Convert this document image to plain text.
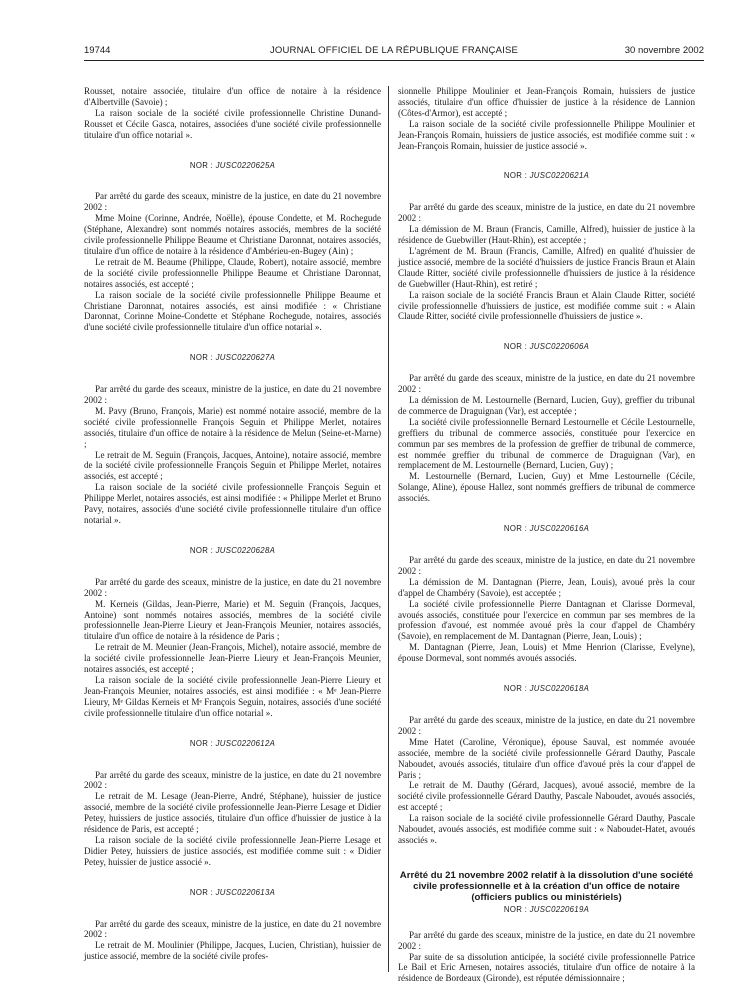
19744	JOURNAL OFFICIEL DE LA RÉPUBLIQUE FRANÇAISE	30 novembre 2002

Rousset, notaire associée, titulaire d'un office de notaire à la résidence d'Albertville (Savoie) ;

La raison sociale de la société civile professionnelle Christine Dunand-Rousset et Cécile Gasca, notaires, associées d'une société civile professionnelle titulaire d'un office notarial ».

NOR : JUSC0220625A

Par arrêté du garde des sceaux, ministre de la justice, en date du 21 novembre 2002 :

Mme Moine (Corinne, Andrée, Noëlle), épouse Condette, et M. Rochegude (Stéphane, Alexandre) sont nommés notaires associés, membres de la société civile professionnelle Philippe Beaume et Christiane Daronnat, notaires associés, titulaire d'un office de notaire à la résidence d'Ambérieu-en-Bugey (Ain) ;

Le retrait de M. Beaume (Philippe, Claude, Robert), notaire associé, membre de la société civile professionnelle Philippe Beaume et Christiane Daronnat, notaires associés, est accepté ;

La raison sociale de la société civile professionnelle Philippe Beaume et Christiane Daronnat, notaires associés, est ainsi modifiée : « Christiane Daronnat, Corinne Moine-Condette et Stéphane Rochegude, notaires, associés d'une société civile professionnelle titulaire d'un office notarial ».

NOR : JUSC0220627A

Par arrêté du garde des sceaux, ministre de la justice, en date du 21 novembre 2002 :

M. Pavy (Bruno, François, Marie) est nommé notaire associé, membre de la société civile professionnelle François Seguin et Philippe Merlet, notaires associés, titulaire d'un office de notaire à la résidence de Melun (Seine-et-Marne) ;

Le retrait de M. Seguin (François, Jacques, Antoine), notaire associé, membre de la société civile professionnelle François Seguin et Philippe Merlet, notaires associés, est accepté ;

La raison sociale de la société civile professionnelle François Seguin et Philippe Merlet, notaires associés, est ainsi modifiée : « Philippe Merlet et Bruno Pavy, notaires, associés d'une société civile professionnelle titulaire d'un office notarial ».

NOR : JUSC0220628A

Par arrêté du garde des sceaux, ministre de la justice, en date du 21 novembre 2002 :

M. Kerneis (Gildas, Jean-Pierre, Marie) et M. Seguin (François, Jacques, Antoine) sont nommés notaires associés, membres de la société civile professionnelle Jean-Pierre Lieury et Jean-François Meunier, notaires associés, titulaire d'un office de notaire à la résidence de Paris ;

Le retrait de M. Meunier (Jean-François, Michel), notaire associé, membre de la société civile professionnelle Jean-Pierre Lieury et Jean-François Meunier, notaires associés, est accepté ;

La raison sociale de la société civile professionnelle Jean-Pierre Lieury et Jean-François Meunier, notaires associés, est ainsi modifiée : « Mᵉ Jean-Pierre Lieury, Mᵉ Gildas Kerneis et Mᵉ François Seguin, notaires, associés d'une société civile professionnelle titulaire d'un office notarial ».

NOR : JUSC0220612A

Par arrêté du garde des sceaux, ministre de la justice, en date du 21 novembre 2002 :

Le retrait de M. Lesage (Jean-Pierre, André, Stéphane), huissier de justice associé, membre de la société civile professionnelle Jean-Pierre Lesage et Didier Petey, huissiers de justice associés, titulaire d'un office d'huissier de justice à la résidence de Paris, est accepté ;

La raison sociale de la société civile professionnelle Jean-Pierre Lesage et Didier Petey, huissiers de justice associés, est modifiée comme suit : « Didier Petey, huissier de justice associé ».

NOR : JUSC0220613A

Par arrêté du garde des sceaux, ministre de la justice, en date du 21 novembre 2002 :

Le retrait de M. Moulinier (Philippe, Jacques, Lucien, Christian), huissier de justice associé, membre de la société civile profes-

sionnelle Philippe Moulinier et Jean-François Romain, huissiers de justice associés, titulaire d'un office d'huissier de justice à la résidence de Lannion (Côtes-d'Armor), est accepté ;

La raison sociale de la société civile professionnelle Philippe Moulinier et Jean-François Romain, huissiers de justice associés, est modifiée comme suit : « Jean-François Romain, huissier de justice associé ».

NOR : JUSC0220621A

Par arrêté du garde des sceaux, ministre de la justice, en date du 21 novembre 2002 :

La démission de M. Braun (Francis, Camille, Alfred), huissier de justice à la résidence de Guebwiller (Haut-Rhin), est acceptée ;

L'agrément de M. Braun (Francis, Camille, Alfred) en qualité d'huissier de justice associé, membre de la société d'huissiers de justice Francis Braun et Alain Claude Ritter, société civile professionnelle d'huissiers de justice à la résidence de Guebwiller (Haut-Rhin), est retiré ;

La raison sociale de la société Francis Braun et Alain Claude Ritter, société civile professionnelle d'huissiers de justice, est modifiée comme suit : « Alain Claude Ritter, société civile professionnelle d'huissiers de justice ».

NOR : JUSC0220606A

Par arrêté du garde des sceaux, ministre de la justice, en date du 21 novembre 2002 :

La démission de M. Lestournelle (Bernard, Lucien, Guy), greffier du tribunal de commerce de Draguignan (Var), est acceptée ;

La société civile professionnelle Bernard Lestournelle et Cécile Lestournelle, greffiers du tribunal de commerce associés, constituée pour l'exercice en commun par ses membres de la profession de greffier de tribunal de commerce, est nommée greffier du tribunal de commerce de Draguignan (Var), en remplacement de M. Lestournelle (Bernard, Lucien, Guy) ;

M. Lestournelle (Bernard, Lucien, Guy) et Mme Lestournelle (Cécile, Solange, Aline), épouse Hallez, sont nommés greffiers de tribunal de commerce associés.

NOR : JUSC0220616A

Par arrêté du garde des sceaux, ministre de la justice, en date du 21 novembre 2002 :

La démission de M. Dantagnan (Pierre, Jean, Louis), avoué près la cour d'appel de Chambéry (Savoie), est acceptée ;

La société civile professionnelle Pierre Dantagnan et Clarisse Dormeval, avoués associés, constituée pour l'exercice en commun par ses membres de la profession d'avoué, est nommée avoué près la cour d'appel de Chambéry (Savoie), en remplacement de M. Dantagnan (Pierre, Jean, Louis) ;

M. Dantagnan (Pierre, Jean, Louis) et Mme Henrion (Clarisse, Evelyne), épouse Dormeval, sont nommés avoués associés.

NOR : JUSC0220618A

Par arrêté du garde des sceaux, ministre de la justice, en date du 21 novembre 2002 :

Mme Hatet (Caroline, Véronique), épouse Sauval, est nommée avouée associée, membre de la société civile professionnelle Gérard Dauthy, Pascale Naboudet, avoués associés, titulaire d'un office d'avoué près la cour d'appel de Paris ;

Le retrait de M. Dauthy (Gérard, Jacques), avoué associé, membre de la société civile professionnelle Gérard Dauthy, Pascale Naboudet, avoués associés, est accepté ;

La raison sociale de la société civile professionnelle Gérard Dauthy, Pascale Naboudet, avoués associés, est modifiée comme suit : « Naboudet-Hatet, avoués associés ».

Arrêté du 21 novembre 2002 relatif à la dissolution d'une société civile professionnelle et à la création d'un office de notaire (officiers publics ou ministériels)
NOR : JUSC0220619A

Par arrêté du garde des sceaux, ministre de la justice, en date du 21 novembre 2002 :

Par suite de sa dissolution anticipée, la société civile professionnelle Patrice Le Bail et Eric Arnesen, notaires associés, titulaire d'un office de notaire à la résidence de Bordeaux (Gironde), est réputée démissionnaire ;
